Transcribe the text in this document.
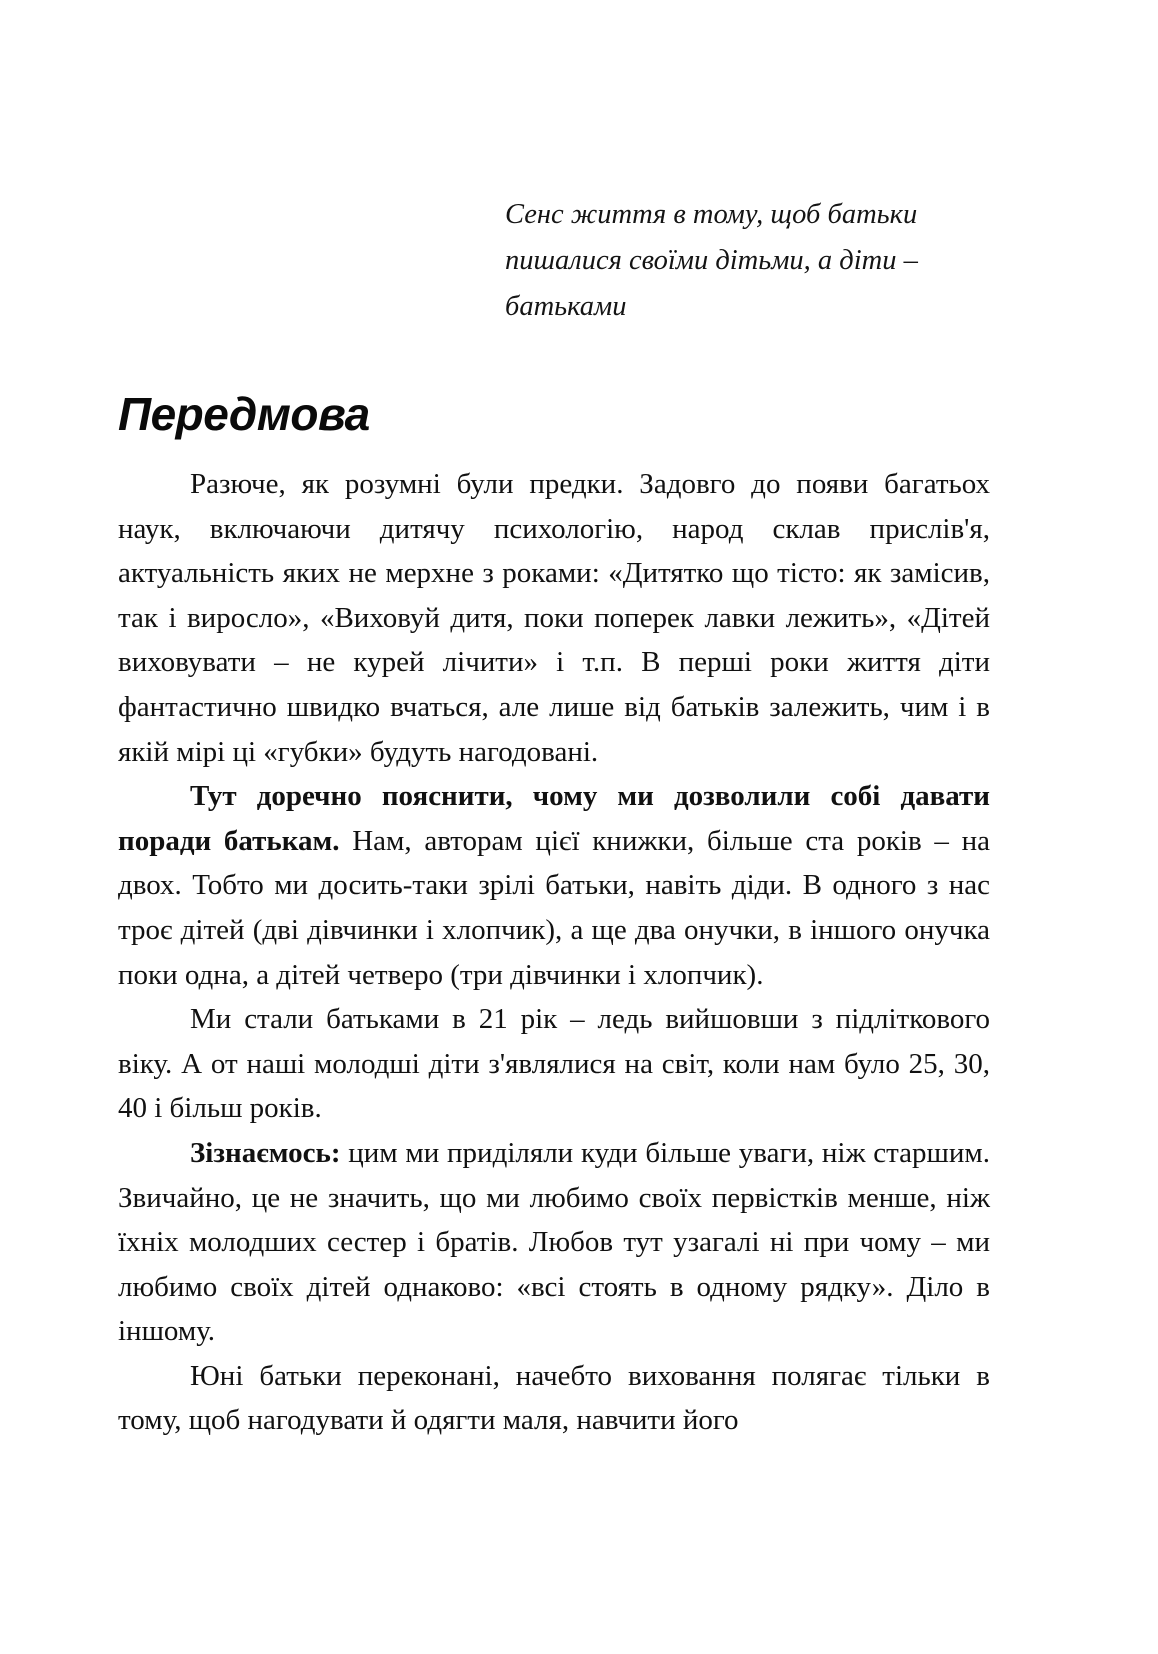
Сенс життя в тому, щоб батьки
пишалися своїми дітьми, а діти –
батьками
Передмова

Разюче, як розумні були предки. Задовго до появи багатьох наук, включаючи дитячу психологію, народ склав прислів'я, актуальність яких не мерхне з роками: «Дитятко що тісто: як замісив, так і виросло», «Виховуй дитя, поки поперек лавки лежить», «Дітей виховувати – не курей лічити» і т.п. В перші роки життя діти фантастично швидко вчаться, але лише від батьків залежить, чим і в якій мірі ці «губки» будуть нагодовані.

Тут доречно пояснити, чому ми дозволили собі давати поради батькам. Нам, авторам цієї книжки, більше ста років – на двох. Тобто ми досить-таки зрілі батьки, навіть діди. В одного з нас троє дітей (дві дівчинки і хлопчик), а ще два онучки, в іншого онучка поки одна, а дітей четверо (три дівчинки і хлопчик).

Ми стали батьками в 21 рік – ледь вийшовши з підліткового віку. А от наші молодші діти з'являлися на світ, коли нам було 25, 30, 40 і більш років.

Зізнаємось: цим ми приділяли куди більше уваги, ніж старшим. Звичайно, це не значить, що ми любимо своїх первістків менше, ніж їхніх молодших сестер і братів. Любов тут узагалі ні при чому – ми любимо своїх дітей однаково: «всі стоять в одному рядку». Діло в іншому.

Юні батьки переконані, начебто виховання полягає тільки в тому, щоб нагодувати й одягти маля, навчити його
